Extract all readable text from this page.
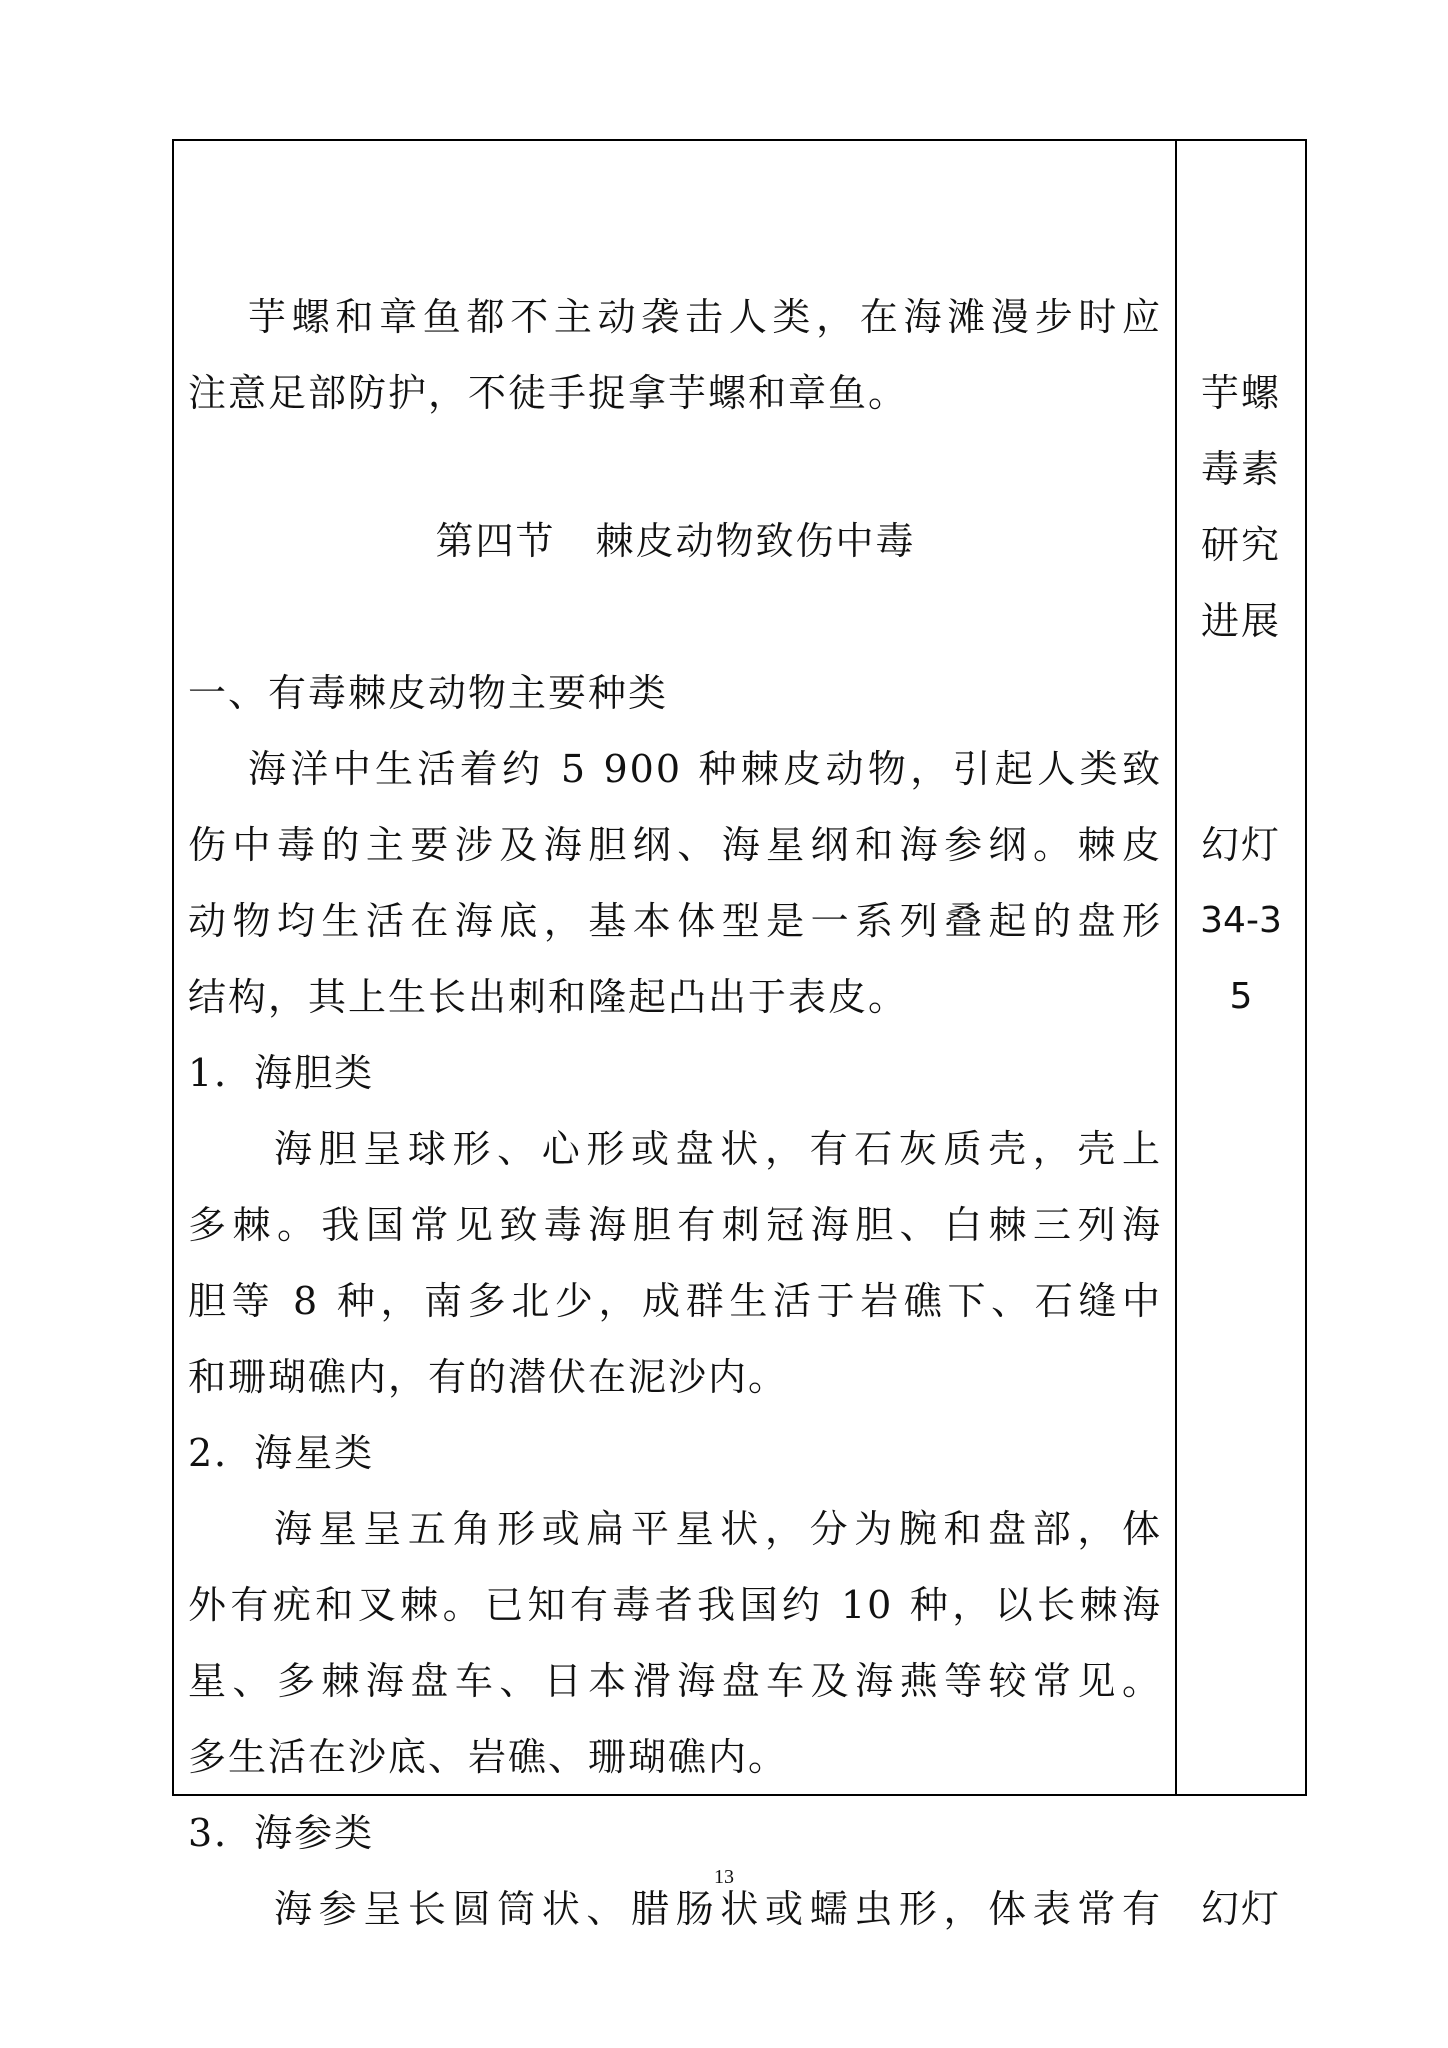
芋螺和章鱼都不主动袭击人类，在海滩漫步时应
注意足部防护，不徒手捉拿芋螺和章鱼。
第四节　棘皮动物致伤中毒
一、有毒棘皮动物主要种类
海洋中生活着约 5 900 种棘皮动物，引起人类致
伤中毒的主要涉及海胆纲、海星纲和海参纲。棘皮
动物均生活在海底，基本体型是一系列叠起的盘形
结构，其上生长出刺和隆起凸出于表皮。
1．海胆类
海胆呈球形、心形或盘状，有石灰质壳，壳上
多棘。我国常见致毒海胆有刺冠海胆、白棘三列海
胆等 8 种，南多北少，成群生活于岩礁下、石缝中
和珊瑚礁内，有的潜伏在泥沙内。
2．海星类
海星呈五角形或扁平星状，分为腕和盘部，体
外有疣和叉棘。已知有毒者我国约 10 种，以长棘海
星、多棘海盘车、日本滑海盘车及海燕等较常见。
多生活在沙底、岩礁、珊瑚礁内。
3．海参类
海参呈长圆筒状、腊肠状或蠕虫形，体表常有
芋螺
毒素
研究
进展
幻灯
34-3
5
幻灯
13
